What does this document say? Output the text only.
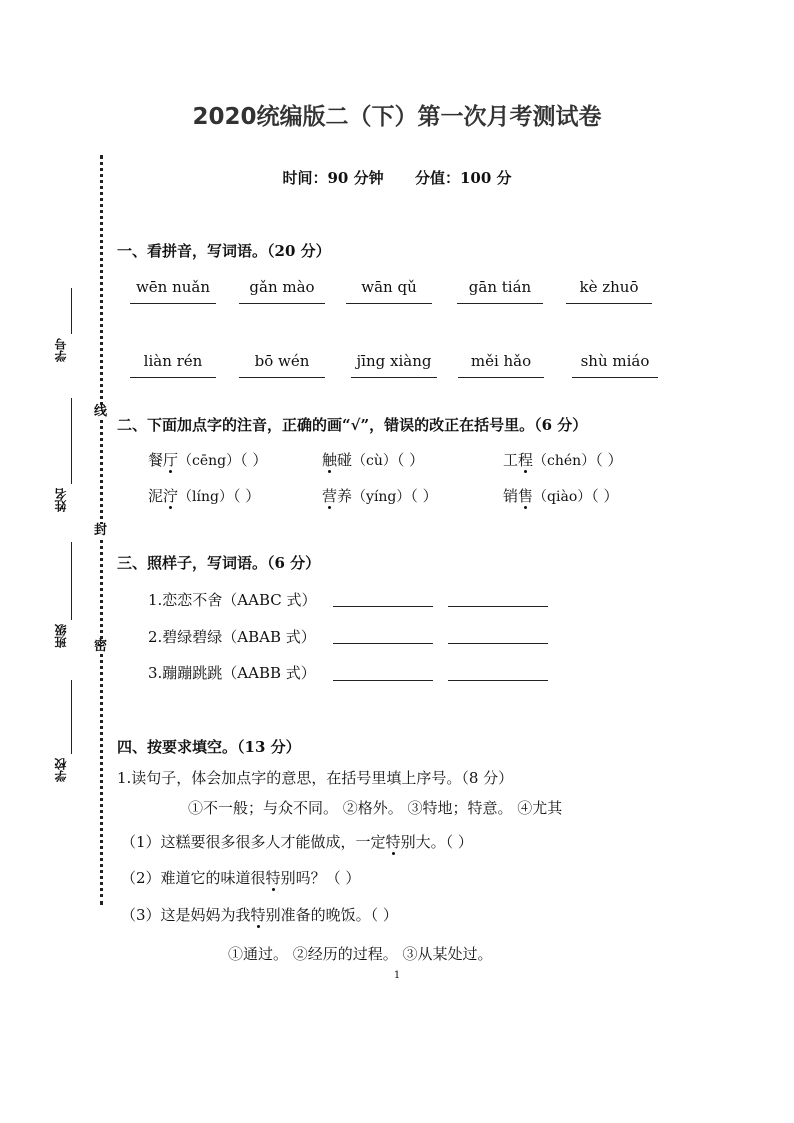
2020统编版二（下）第一次月考测试卷
时间：90 分钟 分值：100 分
线
封
密
学号
姓名
班级
学校
一、看拼音，写词语。（20 分）
wēn nuǎn	gǎn mào	wān qǔ	gān tián	kè zhuō
liàn rén	bō wén	jīng xiàng	měi hǎo	shù miáo
二、下面加点字的注音，正确的画“√”，错误的改正在括号里。（6 分）
餐厅（cēng）（ ）	触碰（cù）（ ）	工程（chén）（ ）
泥泞（líng）（ ）	营养（yíng）（ ）	销售（qiào）（ ）
三、照样子，写词语。（6 分）
1.恋恋不舍（AABC 式）
2.碧绿碧绿（ABAB 式）
3.蹦蹦跳跳（AABB 式）
四、按要求填空。（13 分）
1.读句子，体会加点字的意思，在括号里填上序号。（8 分）
①不一般；与众不同。 ②格外。 ③特地；特意。 ④尤其
（1）这糕要很多很多人才能做成，一定特别大。（ ）
（2）难道它的味道很特别吗？（ ）
（3）这是妈妈为我特别准备的晚饭。（ ）
①通过。 ②经历的过程。 ③从某处过。
1
